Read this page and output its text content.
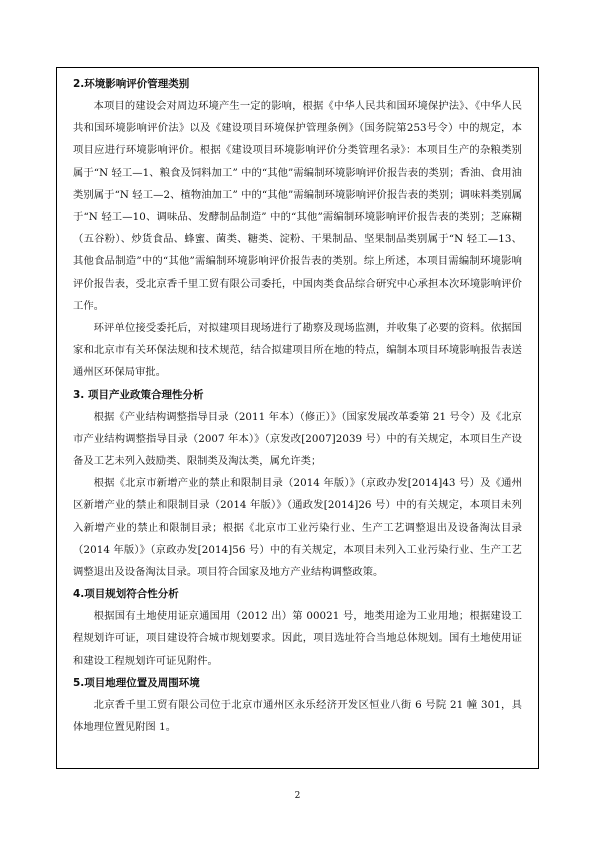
2.环境影响评价管理类别

本项目的建设会对周边环境产生一定的影响，根据《中华人民共和国环境保护法》、《中华人民共和国环境影响评价法》以及《建设项目环境保护管理条例》（国务院第253号令）中的规定，本项目应进行环境影响评价。根据《建设项目环境影响评价分类管理名录》：本项目生产的杂粮类别属于“N 轻工—1、粮食及饲料加工” 中的“其他”需编制环境影响评价报告表的类别；香油、食用油类别属于“N 轻工—2、植物油加工” 中的“其他”需编制环境影响评价报告表的类别；调味料类别属于“N 轻工—10、调味品、发酵制品制造” 中的“其他”需编制环境影响评价报告表的类别；芝麻糊（五谷粉）、炒货食品、蜂蜜、菌类、糖类、淀粉、干果制品、坚果制品类别属于“N 轻工—13、其他食品制造”中的“其他”需编制环境影响评价报告表的类别。综上所述，本项目需编制环境影响评价报告表，受北京香千里工贸有限公司委托，中国肉类食品综合研究中心承担本次环境影响评价工作。

环评单位接受委托后，对拟建项目现场进行了勘察及现场监测，并收集了必要的资料。依据国家和北京市有关环保法规和技术规范，结合拟建项目所在地的特点，编制本项目环境影响报告表送通州区环保局审批。

3. 项目产业政策合理性分析

根据《产业结构调整指导目录（2011 年本）（修正）》（国家发展改革委第 21 号令）及《北京市产业结构调整指导目录（2007 年本）》（京发改[2007]2039 号）中的有关规定，本项目生产设备及工艺未列入鼓励类、限制类及淘汰类，属允许类；

根据《北京市新增产业的禁止和限制目录（2014 年版）》（京政办发[2014]43 号）及《通州区新增产业的禁止和限制目录（2014 年版）》（通政发[2014]26 号）中的有关规定，本项目未列入新增产业的禁止和限制目录；根据《北京市工业污染行业、生产工艺调整退出及设备淘汰目录（2014 年版）》（京政办发[2014]56 号）中的有关规定，本项目未列入工业污染行业、生产工艺调整退出及设备淘汰目录。项目符合国家及地方产业结构调整政策。

4.项目规划符合性分析

根据国有土地使用证京通国用（2012 出）第 00021 号，地类用途为工业用地；根据建设工程规划许可证，项目建设符合城市规划要求。因此，项目选址符合当地总体规划。国有土地使用证和建设工程规划许可证见附件。

5.项目地理位置及周围环境

北京香千里工贸有限公司位于北京市通州区永乐经济开发区恒业八街 6 号院 21 幢 301，具体地理位置见附图 1。

2
